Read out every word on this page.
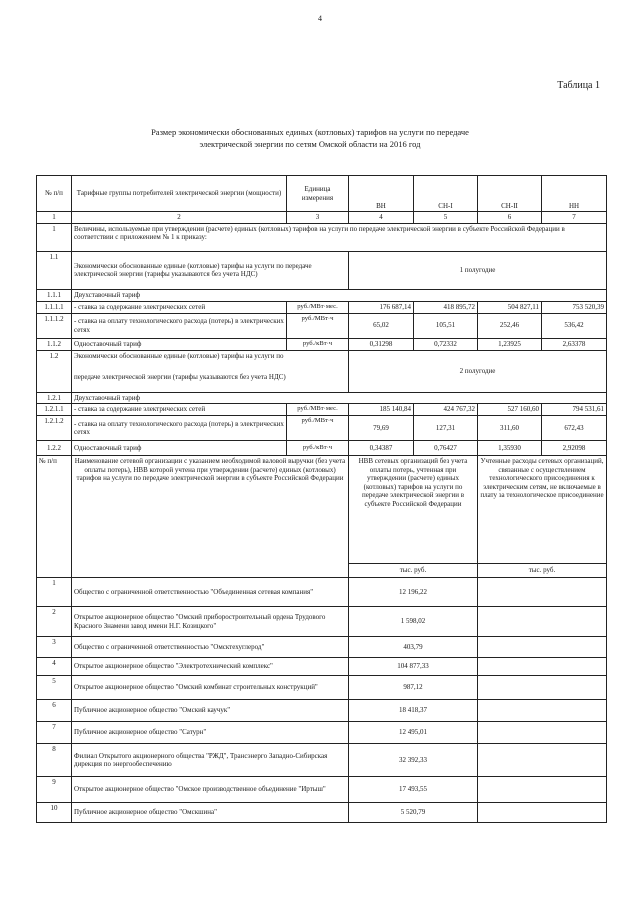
4
Таблица 1
Размер экономически обоснованных единых (котловых) тарифов на услуги по передаче
электрической энергии по сетям Омской области на 2016 год
№ п/п	Тарифные группы потребителей электрической энергии (мощности)	Единица измерения				
			ВН	СН-I	СН-II	НН
1	2	3	4	5	6	7
1	Величины, используемые при утверждении (расчете) единых (котловых) тарифов на услуги по передаче электрической энергии в субъекте Российской Федерации в соответствии с приложением № 1 к приказу:					
1.1	Экономически обоснованные единые (котловые) тарифы на услуги по передаче электрической энергии (тарифы указываются без учета НДС)		1 полугодие			
1.1.1	Двухставочный тариф					
1.1.1.1	- ставка за содержание электрических сетей	руб./МВт·мес.	176 687,14	418 895,72	504 827,11	753 520,39
1.1.1.2	- ставка на оплату технологического расхода (потерь) в электрических сетях	руб./МВт·ч	65,02	105,51	252,46	536,42
1.1.2	Одноставочный тариф	руб./кВт·ч	0,31298	0,72332	1,23925	2,63378
1.2	Экономически обоснованные единые (котловые) тарифы на услуги по
передаче электрической энергии (тарифы указываются без учета НДС)		2 полугодие			
1.2.1	Двухставочный тариф					
1.2.1.1	- ставка за содержание электрических сетей	руб./МВт·мес.	185 140,84	424 767,32	527 160,60	794 531,61
1.2.1.2	- ставка на оплату технологического расхода (потерь) в электрических сетях	руб./МВт·ч	79,69	127,31	311,60	672,43
1.2.2	Одноставочный тариф	руб./кВт·ч	0,34387	0,76427	1,35930	2,92098
№ п/п	Наименование сетевой организации с указанием необходимой валовой выручки (без учета оплаты потерь), НВВ которой учтена при утверждении (расчете) единых (котловых) тарифов на услуги по передаче электрической энергии в субъекте Российской Федерации		НВВ сетевых организаций без учета оплаты потерь, учтенная при утверждении (расчете) единых (котловых) тарифов на услуги по передаче электрической энергии в субъекте Российской Федерации		Учтенные расходы сетевых организаций, связанные с осуществлением технологического присоединения к электрическим сетям, не включаемые в плату за технологическое присоединение	
			тыс. руб.		тыс. руб.	
1	Общество с ограниченной ответственностью "Объединенная сетевая компания"		12 196,22			
2	Открытое акционерное общество "Омский приборостроительный ордена Трудового Красного Знамени завод имени Н.Г. Козицкого"		1 598,02			
3	Общество с ограниченной ответственностью "Омсктехуглерод"		403,79			
4	Открытое акционерное общество "Электротехнический комплекс"		104 877,33			
5	Открытое акционерное общество "Омский комбинат строительных конструкций"		987,12			
6	Публичное акционерное общество "Омский каучук"		18 418,37			
7	Публичное акционерное общество "Сатурн"		12 495,01			
8	Филиал Открытого акционерного общества "РЖД", Трансэнерго Западно-Сибирская дирекция по энергообеспечению		32 392,33			
9	Открытое акционерное общество "Омское производственное объединение "Иртыш"		17 493,55			
10	Публичное акционерное общество "Омскшина"		5 520,79			
